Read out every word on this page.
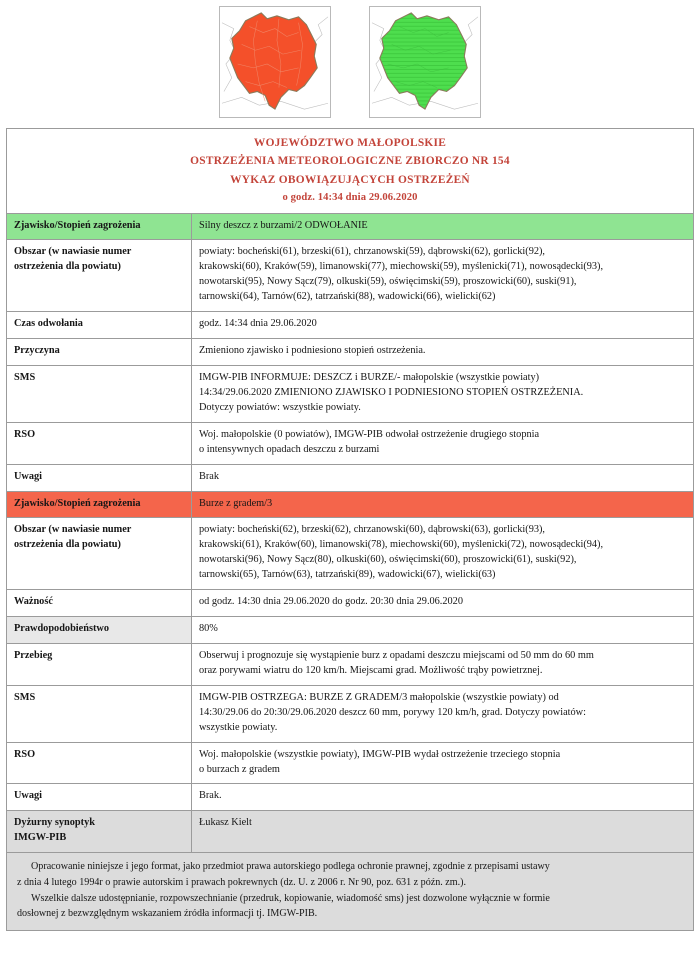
WOJEWÓDZTWO MAŁOPOLSKIE
OSTRZEŻENIA METEOROLOGICZNE ZBIORCZO NR 154
WYKAZ OBOWIĄZUJĄCYCH OSTRZEŻEŃ
o godz. 14:34 dnia 29.06.2020	

Zjawisko/Stopień zagrożenia	Silny deszcz z burzami/2 ODWOŁANIE

Obszar (w nawiasie numer
ostrzeżenia dla powiatu)	powiaty: bocheński(61), brzeski(61), chrzanowski(59), dąbrowski(62), gorlicki(92),
krakowski(60), Kraków(59), limanowski(77), miechowski(59), myślenicki(71), nowosądecki(93),
nowotarski(95), Nowy Sącz(79), olkuski(59), oświęcimski(59), proszowicki(60), suski(91),
tarnowski(64), Tarnów(62), tatrzański(88), wadowicki(66), wielicki(62)

Czas odwołania	godz. 14:34 dnia 29.06.2020
Przyczyna	Zmieniono zjawisko i podniesiono stopień ostrzeżenia.
SMS	IMGW-PIB INFORMUJE: DESZCZ i BURZE/- małopolskie (wszystkie powiaty)
14:34/29.06.2020 ZMIENIONO ZJAWISKO I PODNIESIONO STOPIEŃ OSTRZEŻENIA.
Dotyczy powiatów: wszystkie powiaty.

RSO	Woj. małopolskie (0 powiatów), IMGW-PIB odwołał ostrzeżenie drugiego stopnia
o intensywnych opadach deszczu z burzami

Uwagi	Brak
Zjawisko/Stopień zagrożenia	Burze z gradem/3

Obszar (w nawiasie numer
ostrzeżenia dla powiatu)	powiaty: bocheński(62), brzeski(62), chrzanowski(60), dąbrowski(63), gorlicki(93),
krakowski(61), Kraków(60), limanowski(78), miechowski(60), myślenicki(72), nowosądecki(94),
nowotarski(96), Nowy Sącz(80), olkuski(60), oświęcimski(60), proszowicki(61), suski(92),
tarnowski(65), Tarnów(63), tatrzański(89), wadowicki(67), wielicki(63)

Ważność	od godz. 14:30 dnia 29.06.2020 do godz. 20:30 dnia 29.06.2020
Prawdopodobieństwo	80%
Przebieg	Obserwuj i prognozuje się wystąpienie burz z opadami deszczu miejscami od 50 mm do 60 mm
oraz porywami wiatru do 120 km/h. Miejscami grad. Możliwość trąby powietrznej.

SMS	IMGW-PIB OSTRZEGA: BURZE Z GRADEM/3 małopolskie (wszystkie powiaty) od
14:30/29.06 do 20:30/29.06.2020 deszcz 60 mm, porywy 120 km/h, grad. Dotyczy powiatów:
wszystkie powiaty.

RSO	Woj. małopolskie (wszystkie powiaty), IMGW-PIB wydał ostrzeżenie trzeciego stopnia
o burzach z gradem

Uwagi	Brak.

Dyżurny synoptyk
IMGW-PIB	Łukasz Kielt

Opracowanie niniejsze i jego format, jako przedmiot prawa autorskiego podlega ochronie prawnej, zgodnie z przepisami ustawy

z dnia 4 lutego 1994r o prawie autorskim i prawach pokrewnych (dz. U. z 2006 r. Nr 90, poz. 631 z późn. zm.).

Wszelkie dalsze udostępnianie, rozpowszechnianie (przedruk, kopiowanie, wiadomość sms) jest dozwolone wyłącznie w formie

dosłownej z bezwzględnym wskazaniem źródła informacji tj. IMGW-PIB.
